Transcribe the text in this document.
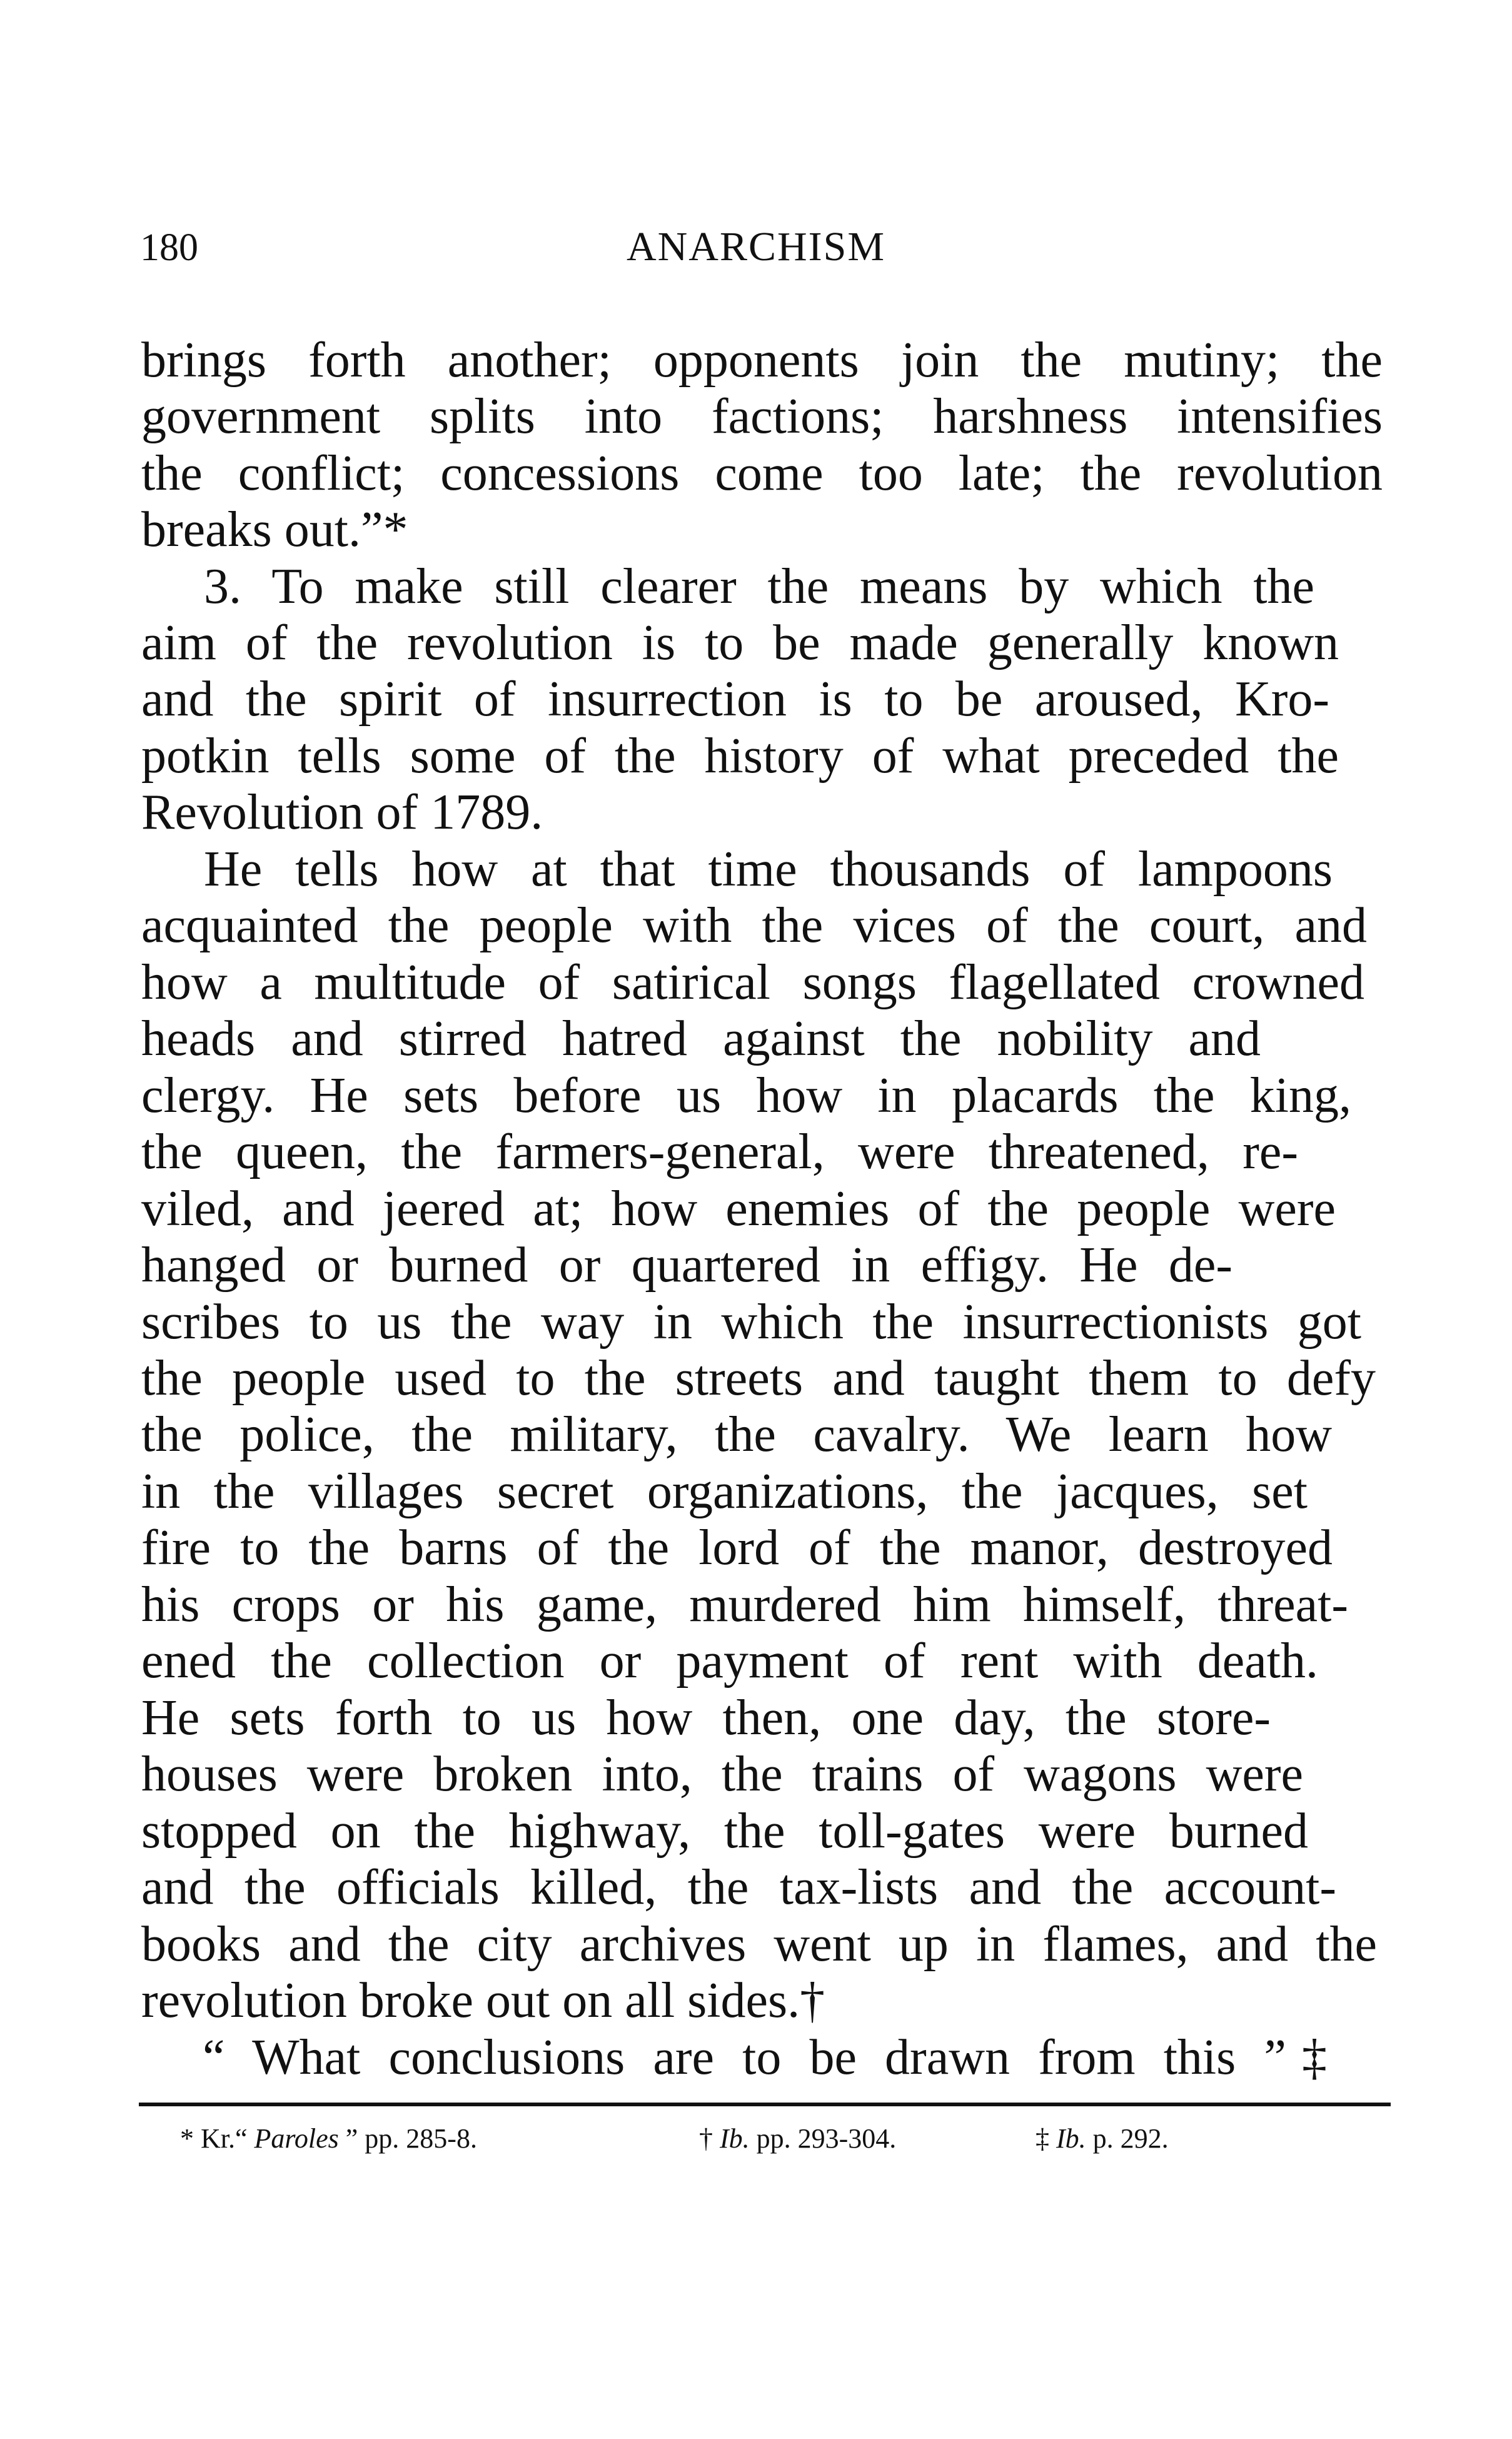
180	ANARCHISM
brings forth another; opponents join the mutiny; the
government splits into factions; harshness intensifies
the conflict; concessions come too late; the revolution
breaks out.”*
3. To make still clearer the means by which the
aim of the revolution is to be made generally known
and the spirit of insurrection is to be aroused, Kro-
potkin tells some of the history of what preceded the
Revolution of 1789.
He tells how at that time thousands of lampoons
acquainted the people with the vices of the court, and
how a multitude of satirical songs flagellated crowned
heads and stirred hatred against the nobility and
clergy. He sets before us how in placards the king,
the queen, the farmers-general, were threatened, re-
viled, and jeered at; how enemies of the people were
hanged or burned or quartered in effigy. He de-
scribes to us the way in which the insurrectionists got
the people used to the streets and taught them to defy
the police, the military, the cavalry. We learn how
in the villages secret organizations, the jacques, set
fire to the barns of the lord of the manor, destroyed
his crops or his game, murdered him himself, threat-
ened the collection or payment of rent with death.
He sets forth to us how then, one day, the store-
houses were broken into, the trains of wagons were
stopped on the highway, the toll-gates were burned
and the officials killed, the tax-lists and the account-
books and the city archives went up in flames, and the
revolution broke out on all sides.†
“ What conclusions are to be drawn from this ”‡
* Kr.“ Paroles ” pp. 285-8.	† Ib. pp. 293-304.	‡ Ib. p. 292.
